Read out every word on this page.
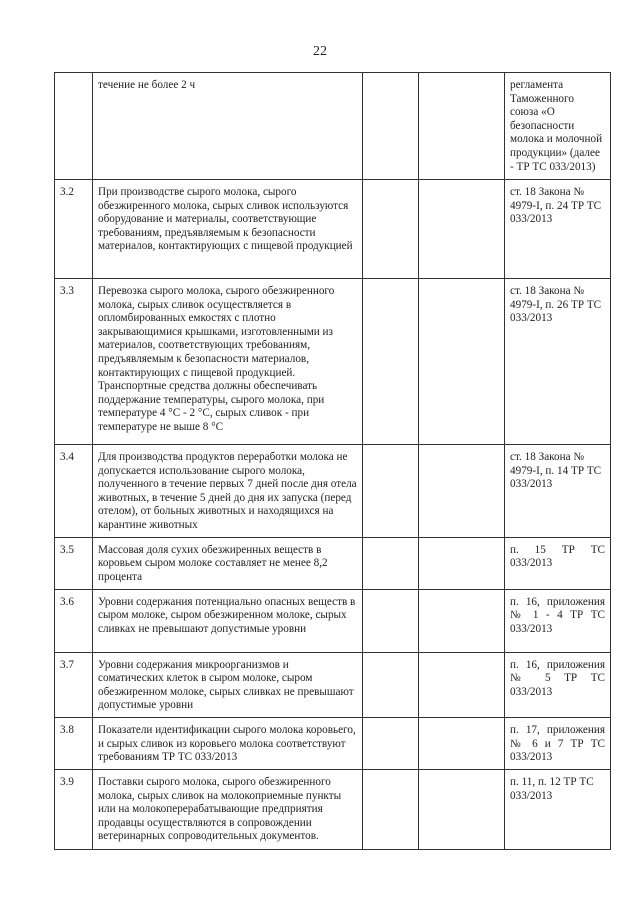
22
	течение не более 2 ч			регламента Таможенного союза «О безопасности молока и молочной продукции» (далее - ТР ТС 033/2013)
3.2	При производстве сырого молока, сырого обезжиренного молока, сырых сливок используются оборудование и материалы, соответствующие требованиям, предъявляемым к безопасности материалов, контактирующих с пищевой продукцией			ст. 18 Закона № 4979-I, п. 24 ТР ТС 033/2013
3.3	Перевозка сырого молока, сырого обезжиренного молока, сырых сливок осуществляется в опломбированных емкостях с плотно закрывающимися крышками, изготовленными из материалов, соответствующих требованиям, предъявляемым к безопасности материалов, контактирующих с пищевой продукцией. Транспортные средства должны обеспечивать поддержание температуры, сырого молока, при температуре 4 °С - 2 °С, сырых сливок - при температуре не выше 8 °С			ст. 18 Закона № 4979-I, п. 26 ТР ТС 033/2013
3.4	Для производства продуктов переработки молока не допускается использование сырого молока, полученного в течение первых 7 дней после дня отела животных, в течение 5 дней до дня их запуска (перед отелом), от больных животных и находящихся на карантине животных			ст. 18 Закона № 4979-I, п. 14 ТР ТС 033/2013
3.5	Массовая доля сухих обезжиренных веществ в коровьем сыром молоке составляет не менее 8,2 процента			п. 15 ТР ТС 033/2013
3.6	Уровни содержания потенциально опасных веществ в сыром молоке, сыром обезжиренном молоке, сырых сливках не превышают допустимые уровни			п. 16, приложения № 1 - 4 ТР ТС 033/2013
3.7	Уровни содержания микроорганизмов и соматических клеток в сыром молоке, сыром обезжиренном молоке, сырых сливках не превышают допустимые уровни			п. 16, приложения № 5 ТР ТС 033/2013
3.8	Показатели идентификации сырого молока коровьего, и сырых сливок из коровьего молока соответствуют требованиям ТР ТС 033/2013			п. 17, приложения № 6 и 7 ТР ТС 033/2013
3.9	Поставки сырого молока, сырого обезжиренного молока, сырых сливок на молокоприемные пункты или на молокоперерабатывающие предприятия продавцы осуществляются в сопровождении ветеринарных сопроводительных документов.			п. 11, п. 12 ТР ТС 033/2013
